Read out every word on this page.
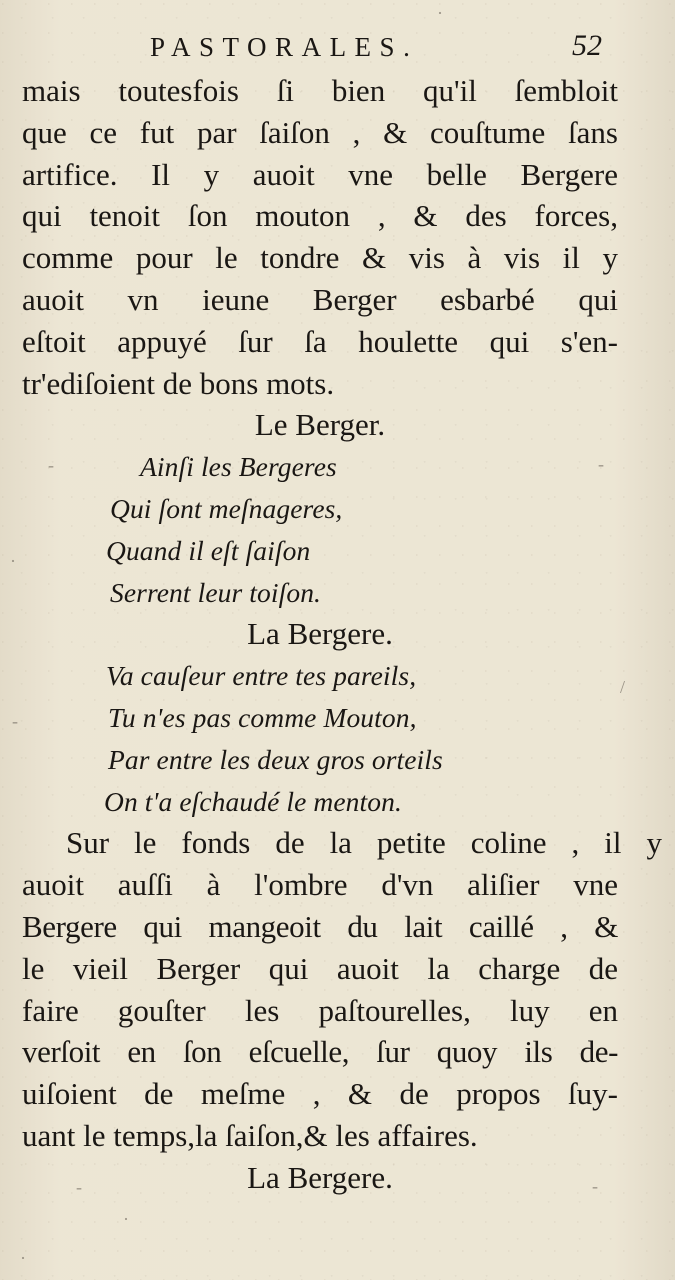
PASTORALES.	52
mais toutesfois ſi bien qu'il ſembloit
que ce fut par ſaiſon , & couſtume ſans
artifice. Il y auoit vne belle Bergere
qui tenoit ſon mouton , & des forces,
comme pour le tondre & vis à vis il y
auoit vn ieune Berger esbarbé qui
eſtoit appuyé ſur ſa houlette qui s'en-
tr'ediſoient de bons mots.
Le Berger.
Ainſi les Bergeres
Qui ſont meſnageres,
Quand il eſt ſaiſon
Serrent leur toiſon.
La Bergere.
Va cauſeur entre tes pareils,
Tu n'es pas comme Mouton,
Par entre les deux gros orteils
On t'a eſchaudé le menton.
Sur le fonds de la petite coline , il y
auoit auſſi à l'ombre d'vn aliſier vne
Bergere qui mangeoit du lait caillé , &
le vieil Berger qui auoit la charge de
faire gouſter les paſtourelles, luy en
verſoit en ſon eſcuelle, ſur quoy ils de-
uiſoient de meſme , & de propos ſuy-
uant le temps,la ſaiſon,& les affaires.
La Bergere.
·
-	-
·
-
/
-	-
·
·
